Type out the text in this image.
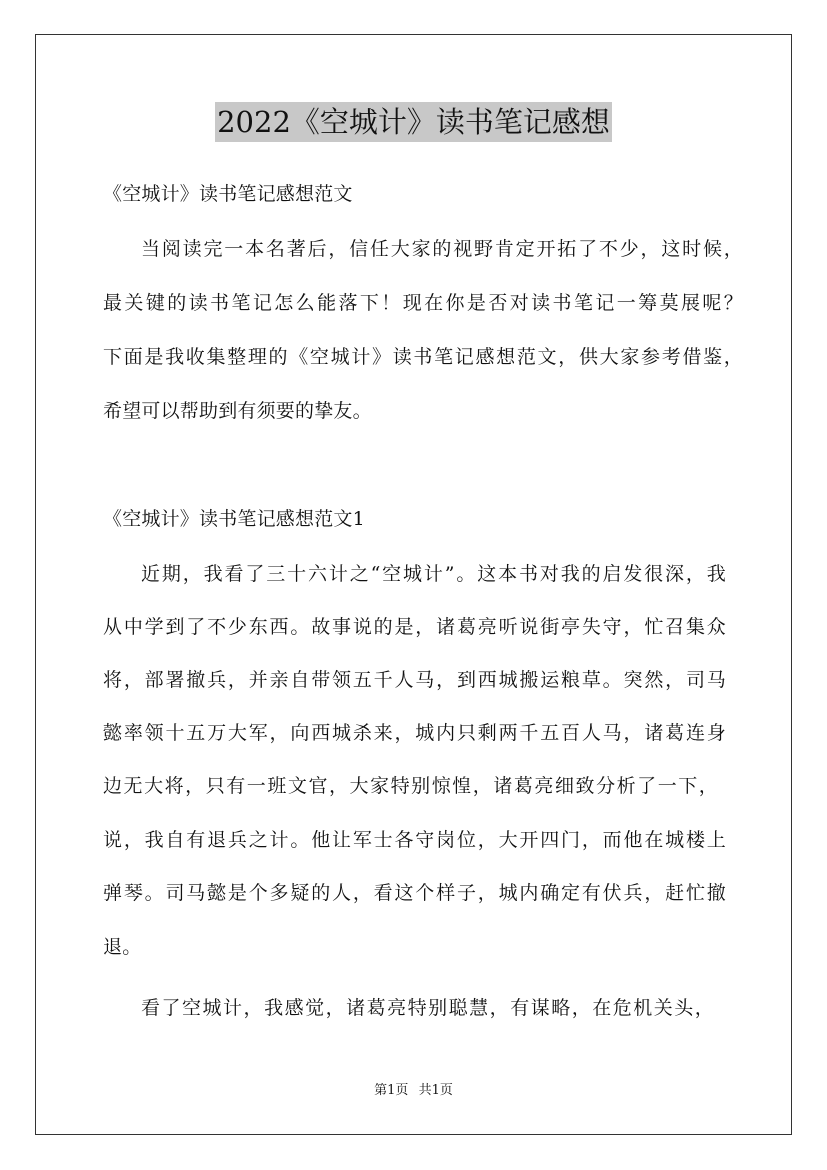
2022《空城计》读书笔记感想
《空城计》读书笔记感想范文
当阅读完一本名著后，信任大家的视野肯定开拓了不少，这时候，
最关键的读书笔记怎么能落下！现在你是否对读书笔记一筹莫展呢？
下面是我收集整理的《空城计》读书笔记感想范文，供大家参考借鉴，
希望可以帮助到有须要的挚友。
《空城计》读书笔记感想范文1
近期，我看了三十六计之“空城计”。这本书对我的启发很深，我
从中学到了不少东西。故事说的是，诸葛亮听说街亭失守，忙召集众
将，部署撤兵，并亲自带领五千人马，到西城搬运粮草。突然，司马
懿率领十五万大军，向西城杀来，城内只剩两千五百人马，诸葛连身
边无大将，只有一班文官，大家特别惊惶，诸葛亮细致分析了一下，
说，我自有退兵之计。他让军士各守岗位，大开四门，而他在城楼上
弹琴。司马懿是个多疑的人，看这个样子，城内确定有伏兵，赶忙撤
退。
看了空城计，我感觉，诸葛亮特别聪慧，有谋略，在危机关头，
第1页 共1页
